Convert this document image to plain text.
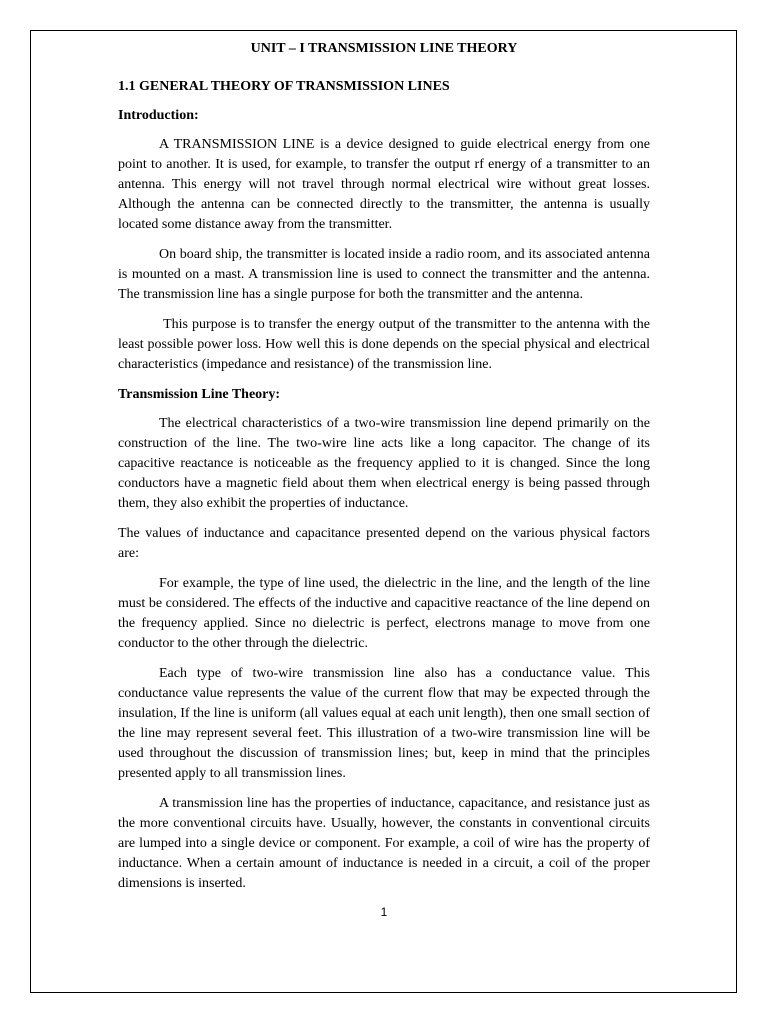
UNIT – I TRANSMISSION LINE THEORY
1.1 GENERAL THEORY OF TRANSMISSION LINES
Introduction:

A TRANSMISSION LINE is a device designed to guide electrical energy from one point to another. It is used, for example, to transfer the output rf energy of a transmitter to an antenna. This energy will not travel through normal electrical wire without great losses. Although the antenna can be connected directly to the transmitter, the antenna is usually located some distance away from the transmitter.

On board ship, the transmitter is located inside a radio room, and its associated antenna is mounted on a mast. A transmission line is used to connect the transmitter and the antenna. The transmission line has a single purpose for both the transmitter and the antenna.

This purpose is to transfer the energy output of the transmitter to the antenna with the least possible power loss. How well this is done depends on the special physical and electrical characteristics (impedance and resistance) of the transmission line.

Transmission Line Theory:

The electrical characteristics of a two-wire transmission line depend primarily on the construction of the line. The two-wire line acts like a long capacitor. The change of its capacitive reactance is noticeable as the frequency applied to it is changed. Since the long conductors have a magnetic field about them when electrical energy is being passed through them, they also exhibit the properties of inductance.

The values of inductance and capacitance presented depend on the various physical factors are:

For example, the type of line used, the dielectric in the line, and the length of the line must be considered. The effects of the inductive and capacitive reactance of the line depend on the frequency applied. Since no dielectric is perfect, electrons manage to move from one conductor to the other through the dielectric.

Each type of two-wire transmission line also has a conductance value. This conductance value represents the value of the current flow that may be expected through the insulation, If the line is uniform (all values equal at each unit length), then one small section of the line may represent several feet. This illustration of a two-wire transmission line will be used throughout the discussion of transmission lines; but, keep in mind that the principles presented apply to all transmission lines.

A transmission line has the properties of inductance, capacitance, and resistance just as the more conventional circuits have. Usually, however, the constants in conventional circuits are lumped into a single device or component. For example, a coil of wire has the property of inductance. When a certain amount of inductance is needed in a circuit, a coil of the proper dimensions is inserted.

1
